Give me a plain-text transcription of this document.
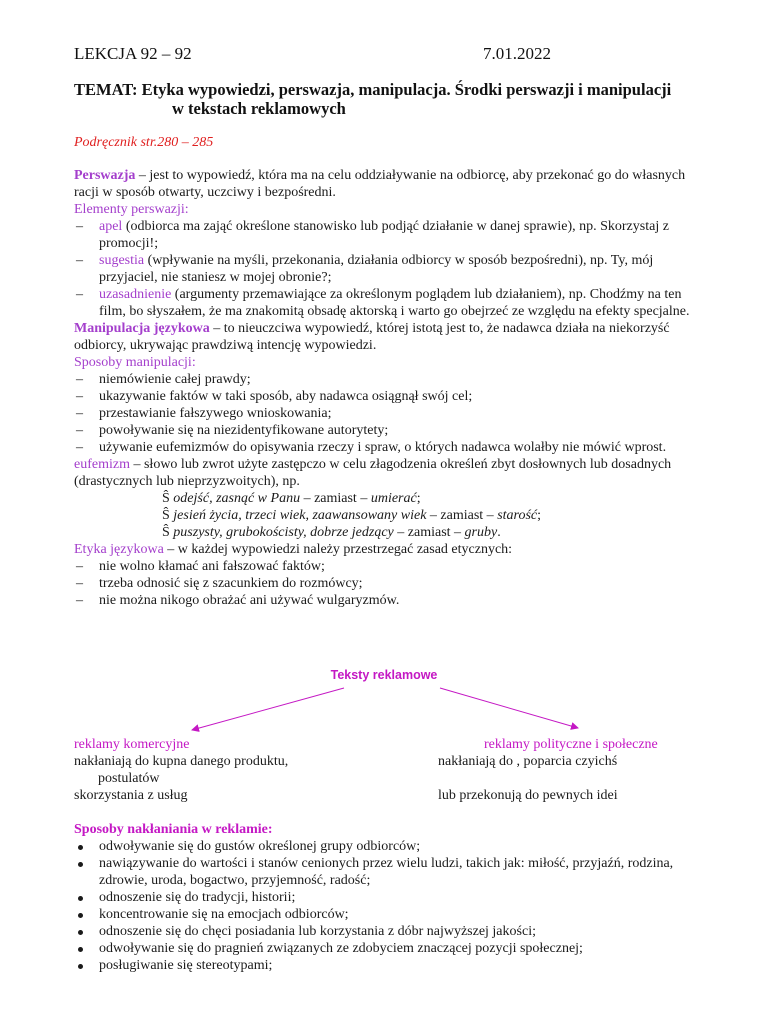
LEKCJA 92 – 92	7.01.2022
TEMAT: Etyka wypowiedzi, perswazja, manipulacja. Środki perswazji i manipulacji
w tekstach reklamowych
Podręcznik str.280 – 285
Perswazja – jest to wypowiedź, która ma na celu oddziaływanie na odbiorcę, aby przekonać go do własnych racji w sposób otwarty, uczciwy i bezpośredni.
Elementy perswazji:
– apel (odbiorca ma zająć określone stanowisko lub podjąć działanie w danej sprawie), np. Skorzystaj z promocji!;
– sugestia (wpływanie na myśli, przekonania, działania odbiorcy w sposób bezpośredni), np. Ty, mój przyjaciel, nie staniesz w mojej obronie?;
– uzasadnienie (argumenty przemawiające za określonym poglądem lub działaniem), np. Chodźmy na ten film, bo słyszałem, że ma znakomitą obsadę aktorską i warto go obejrzeć ze względu na efekty specjalne.
Manipulacja językowa – to nieuczciwa wypowiedź, której istotą jest to, że nadawca działa na niekorzyść odbiorcy, ukrywając prawdziwą intencję wypowiedzi.
Sposoby manipulacji:
– niemówienie całej prawdy;
– ukazywanie faktów w taki sposób, aby nadawca osiągnął swój cel;
– przestawianie fałszywego wnioskowania;
– powoływanie się na niezidentyfikowane autorytety;
– używanie eufemizmów do opisywania rzeczy i spraw, o których nadawca wolałby nie mówić wprost.
eufemizm – słowo lub zwrot użyte zastępczo w celu złagodzenia określeń zbyt dosłownych lub dosadnych (drastycznych lub nieprzyzwoitych), np.
Ŝ odejść, zasnąć w Panu – zamiast – umierać;
Ŝ jesień życia, trzeci wiek, zaawansowany wiek – zamiast – starość;
Ŝ puszysty, grubokościsty, dobrze jedzący – zamiast – gruby.
Etyka językowa – w każdej wypowiedzi należy przestrzegać zasad etycznych:
– nie wolno kłamać ani fałszować faktów;
– trzeba odnosić się z szacunkiem do rozmówcy;
– nie można nikogo obrażać ani używać wulgaryzmów.
Teksty reklamowe
reklamy komercyjne
nakłaniają do kupna danego produktu,
postulatów
skorzystania z usług
reklamy polityczne i społeczne
nakłaniają do , poparcia czyichś
lub przekonują do pewnych idei
Sposoby nakłaniania w reklamie:
odwoływanie się do gustów określonej grupy odbiorców;
nawiązywanie do wartości i stanów cenionych przez wielu ludzi, takich jak: miłość, przyjaźń, rodzina, zdrowie, uroda, bogactwo, przyjemność, radość;
odnoszenie się do tradycji, historii;
koncentrowanie się na emocjach odbiorców;
odnoszenie się do chęci posiadania lub korzystania z dóbr najwyższej jakości;
odwoływanie się do pragnień związanych ze zdobyciem znaczącej pozycji społecznej;
posługiwanie się stereotypami;
